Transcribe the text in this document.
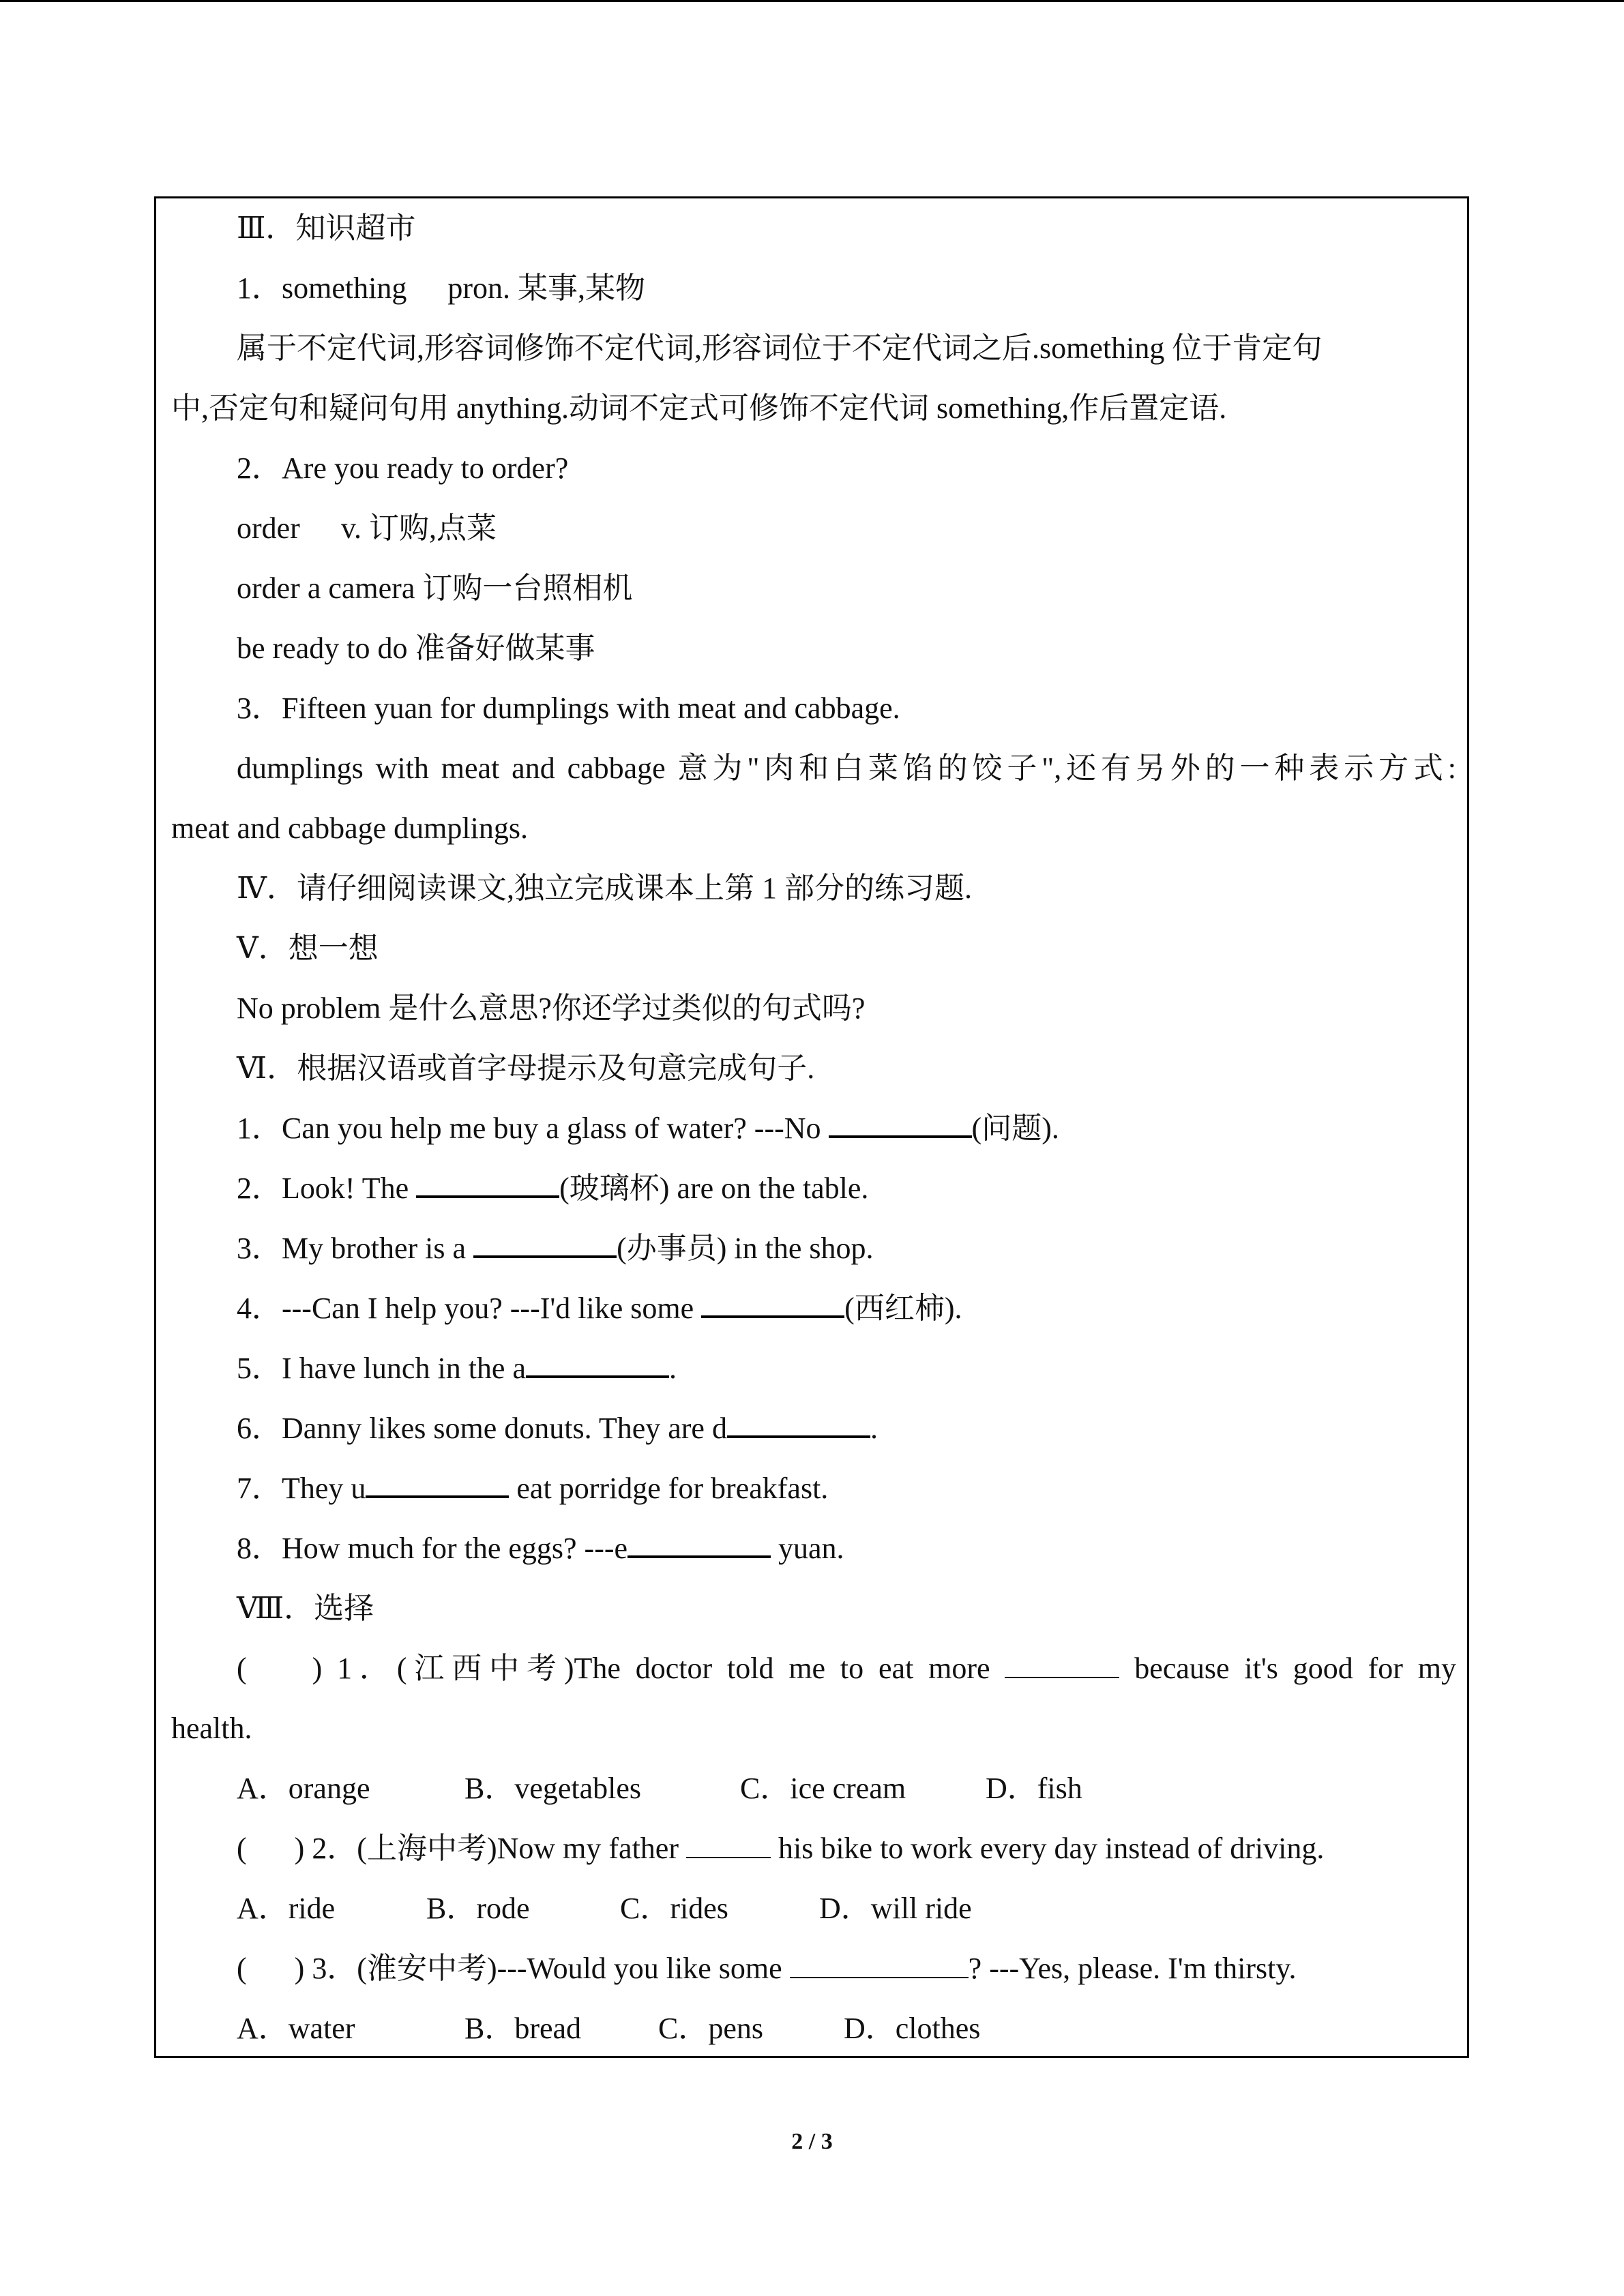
Ⅲ．知识超市
1．something pron. 某事,某物
属于不定代词,形容词修饰不定代词,形容词位于不定代词之后.something 位于肯定句
中,否定句和疑问句用 anything.动词不定式可修饰不定代词 something,作后置定语.
2．Are you ready to order?
order v. 订购,点菜
order a camera 订购一台照相机
be ready to do 准备好做某事
3．Fifteen yuan for dumplings with meat and cabbage.
dumplings with meat and cabbage 意为"肉和白菜馅的饺子",还有另外的一种表示方式:
meat and cabbage dumplings.
Ⅳ．请仔细阅读课文,独立完成课本上第 1 部分的练习题.
Ⅴ．想一想
No problem 是什么意思?你还学过类似的句式吗?
Ⅵ．根据汉语或首字母提示及句意完成句子.
1．Can you help me buy a glass of water? ---No	(问题).
2．Look! The	(玻璃杯) are on the table.
3．My brother is a	(办事员) in the shop.
4．---Can I help you? ---I'd like some	(西红柿).
5．I have lunch in the a	.
6．Danny likes some donuts. They are d	.
7．They u	eat porridge for breakfast.
8．How much for the eggs? ---e	yuan.
Ⅷ．选择
( ) 1．(江西中考)The doctor told me to eat more	because it's good for my
health.
A．orange	B．vegetables	C．ice cream	D．fish
( ) 2．(上海中考)Now my father	his bike to work every day instead of driving.
A．ride	B．rode	C．rides	D．will ride
( ) 3．(淮安中考)---Would you like some	? ---Yes, please. I'm thirsty.
A．water	B．bread	C．pens	D．clothes
2 / 3
